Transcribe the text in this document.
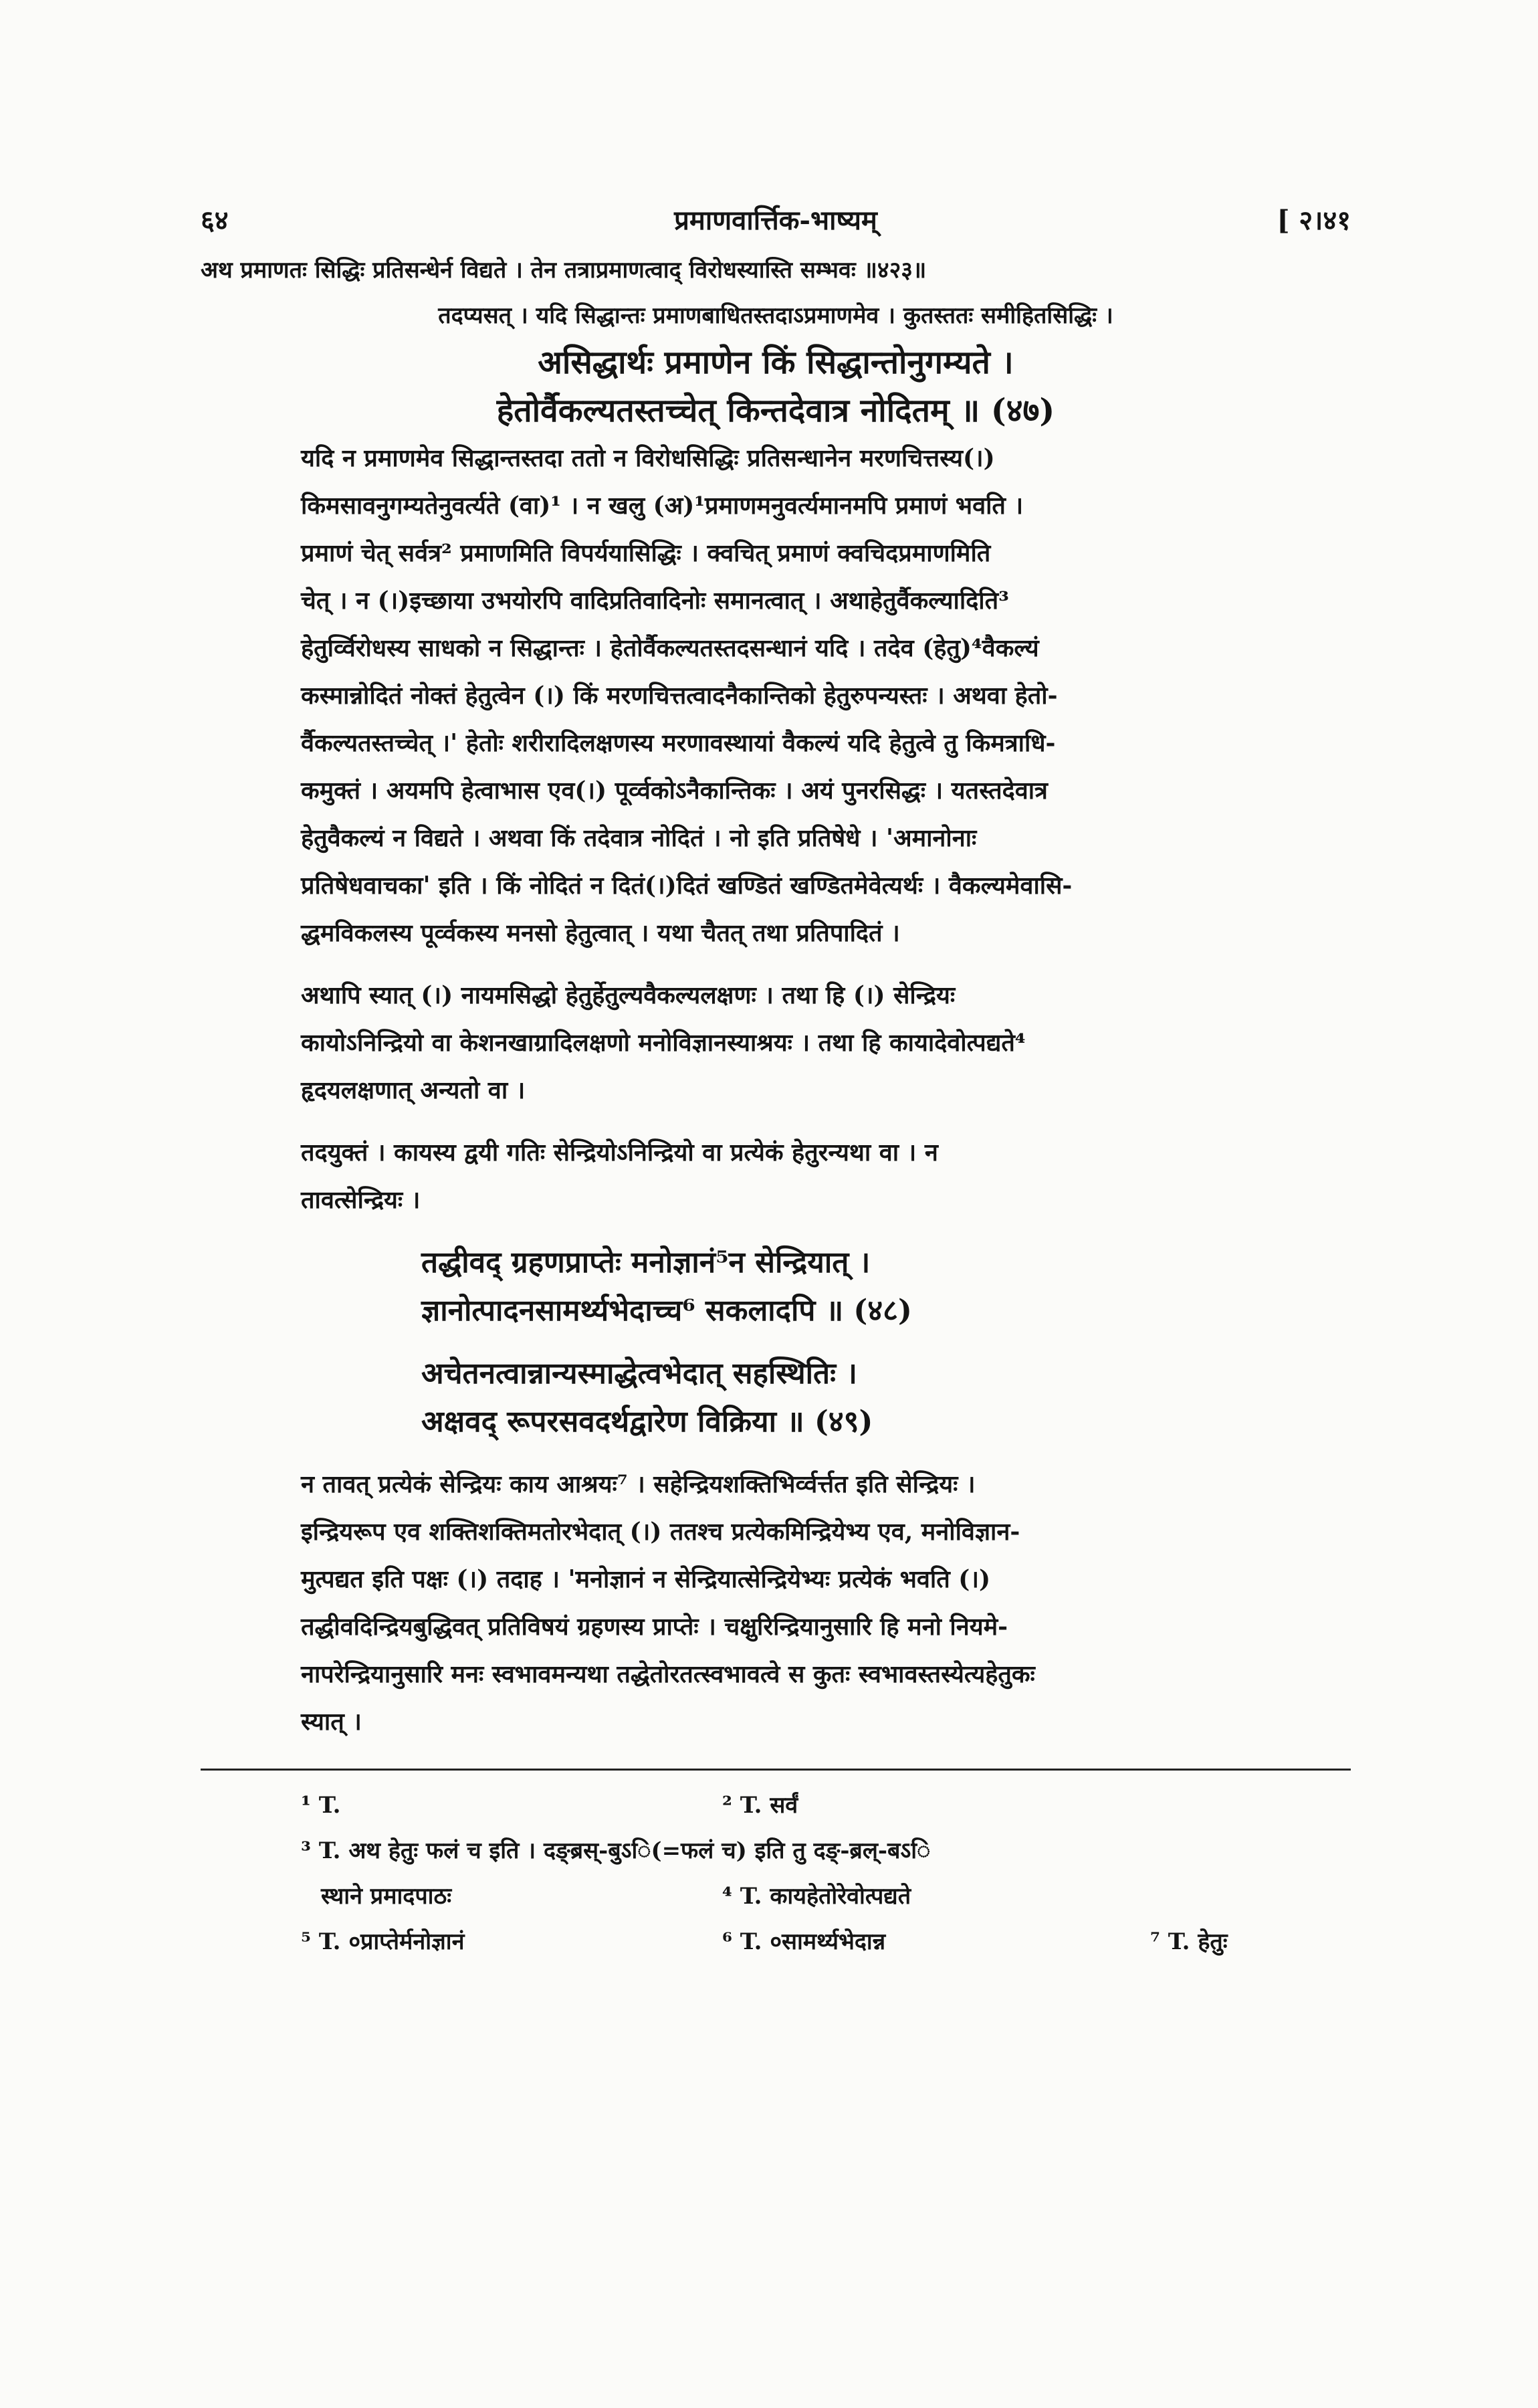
६४	प्रमाणवार्त्तिक-भाष्यम्	[ २।४१

अथ प्रमाणतः सिद्धिः प्रतिसन्धेर्न विद्यते । तेन तत्राप्रमाणत्वाद् विरोधस्यास्ति सम्भवः ॥४२३॥

तदप्यसत् । यदि सिद्धान्तः प्रमाणबाधितस्तदाऽप्रमाणमेव । कुतस्ततः समीहितसिद्धिः ।

असिद्धार्थः प्रमाणेन किं सिद्धान्तोनुगम्यते ।
हेतोर्वैकल्यतस्तच्चेत् किन्तदेवात्र नोदितम् ॥ (४७)

यदि न प्रमाणमेव सिद्धान्तस्तदा ततो न विरोधसिद्धिः प्रतिसन्धानेन मरणचित्तस्य(।)
किमसावनुगम्यतेनुवर्त्यते (वा)¹ । न खलु (अ)¹प्रमाणमनुवर्त्यमानमपि प्रमाणं भवति ।
प्रमाणं चेत् सर्वत्र² प्रमाणमिति विपर्ययासिद्धिः । क्वचित् प्रमाणं क्वचिदप्रमाणमिति
चेत् । न (।)इच्छाया उभयोरपि वादिप्रतिवादिनोः समानत्वात् । अथाहेतुर्वैकल्यादिति³
हेतुर्व्विरोधस्य साधको न सिद्धान्तः । हेतोर्वैकल्यतस्तदसन्धानं यदि । तदेव (हेतु)⁴वैकल्यं
कस्मान्नोदितं नोक्तं हेतुत्वेन (।) किं मरणचित्तत्वादनैकान्तिको हेतुरुपन्यस्तः । अथवा हेतो-
र्वैकल्यतस्तच्चेत् ।' हेतोः शरीरादिलक्षणस्य मरणावस्थायां वैकल्यं यदि हेतुत्वे तु किमत्राधि-
कमुक्तं । अयमपि हेत्वाभास एव(।) पूर्व्वकोऽनैकान्तिकः । अयं पुनरसिद्धः । यतस्तदेवात्र
हेतुवैकल्यं न विद्यते । अथवा किं तदेवात्र नोदितं । नो इति प्रतिषेधे । 'अमानोनाः
प्रतिषेधवाचका' इति । किं नोदितं न दितं(।)दितं खण्डितं खण्डितमेवेत्यर्थः । वैकल्यमेवासि-
द्धमविकलस्य पूर्व्वकस्य मनसो हेतुत्वात् । यथा चैतत् तथा प्रतिपादितं ।

अथापि स्यात् (।) नायमसिद्धो हेतुर्हेतुल्यवैकल्यलक्षणः । तथा हि (।) सेन्द्रियः
कायोऽनिन्द्रियो वा केशनखाग्रादिलक्षणो मनोविज्ञानस्याश्रयः । तथा हि कायादेवोत्पद्यते⁴
हृदयलक्षणात् अन्यतो वा ।

तदयुक्तं । कायस्य द्वयी गतिः सेन्द्रियोऽनिन्द्रियो वा प्रत्येकं हेतुरन्यथा वा । न
तावत्सेन्द्रियः ।

तद्धीवद् ग्रहणप्राप्तेः मनोज्ञानं⁵न सेन्द्रियात् ।
ज्ञानोत्पादनसामर्थ्यभेदाच्च⁶ सकलादपि ॥ (४८)
अचेतनत्वान्नान्यस्माद्धेत्वभेदात् सहस्थितिः ।
अक्षवद् रूपरसवदर्थद्वारेण विक्रिया ॥ (४९)

न तावत् प्रत्येकं सेन्द्रियः काय आश्रयः⁷ । सहेन्द्रियशक्तिभिर्व्वर्त्तत इति सेन्द्रियः ।
इन्द्रियरूप एव शक्तिशक्तिमतोरभेदात् (।) ततश्च प्रत्येकमिन्द्रियेभ्य एव, मनोविज्ञान-
मुत्पद्यत इति पक्षः (।) तदाह । 'मनोज्ञानं न सेन्द्रियात्सेन्द्रियेभ्यः प्रत्येकं भवति (।)
तद्धीवदिन्द्रियबुद्धिवत् प्रतिविषयं ग्रहणस्य प्राप्तेः । चक्षुरिन्द्रियानुसारि हि मनो नियमे-
नापरेन्द्रियानुसारि मनः स्वभावमन्यथा तद्धेतोरतत्स्वभावत्वे स कुतः स्वभावस्तस्येत्यहेतुकः
स्यात् ।

¹ T.	² T. सर्वं
³ T. अथ हेतुः फलं च इति । दङ्ब्रस्-बुऽि(=फलं च) इति तु दङ्-ब्रल्-बऽि
स्थाने प्रमादपाठः	⁴ T. कायहेतोरेवोत्पद्यते
⁵ T. ०प्राप्तेर्मनोज्ञानं	⁶ T. ०सामर्थ्यभेदान्न	⁷ T. हेतुः
